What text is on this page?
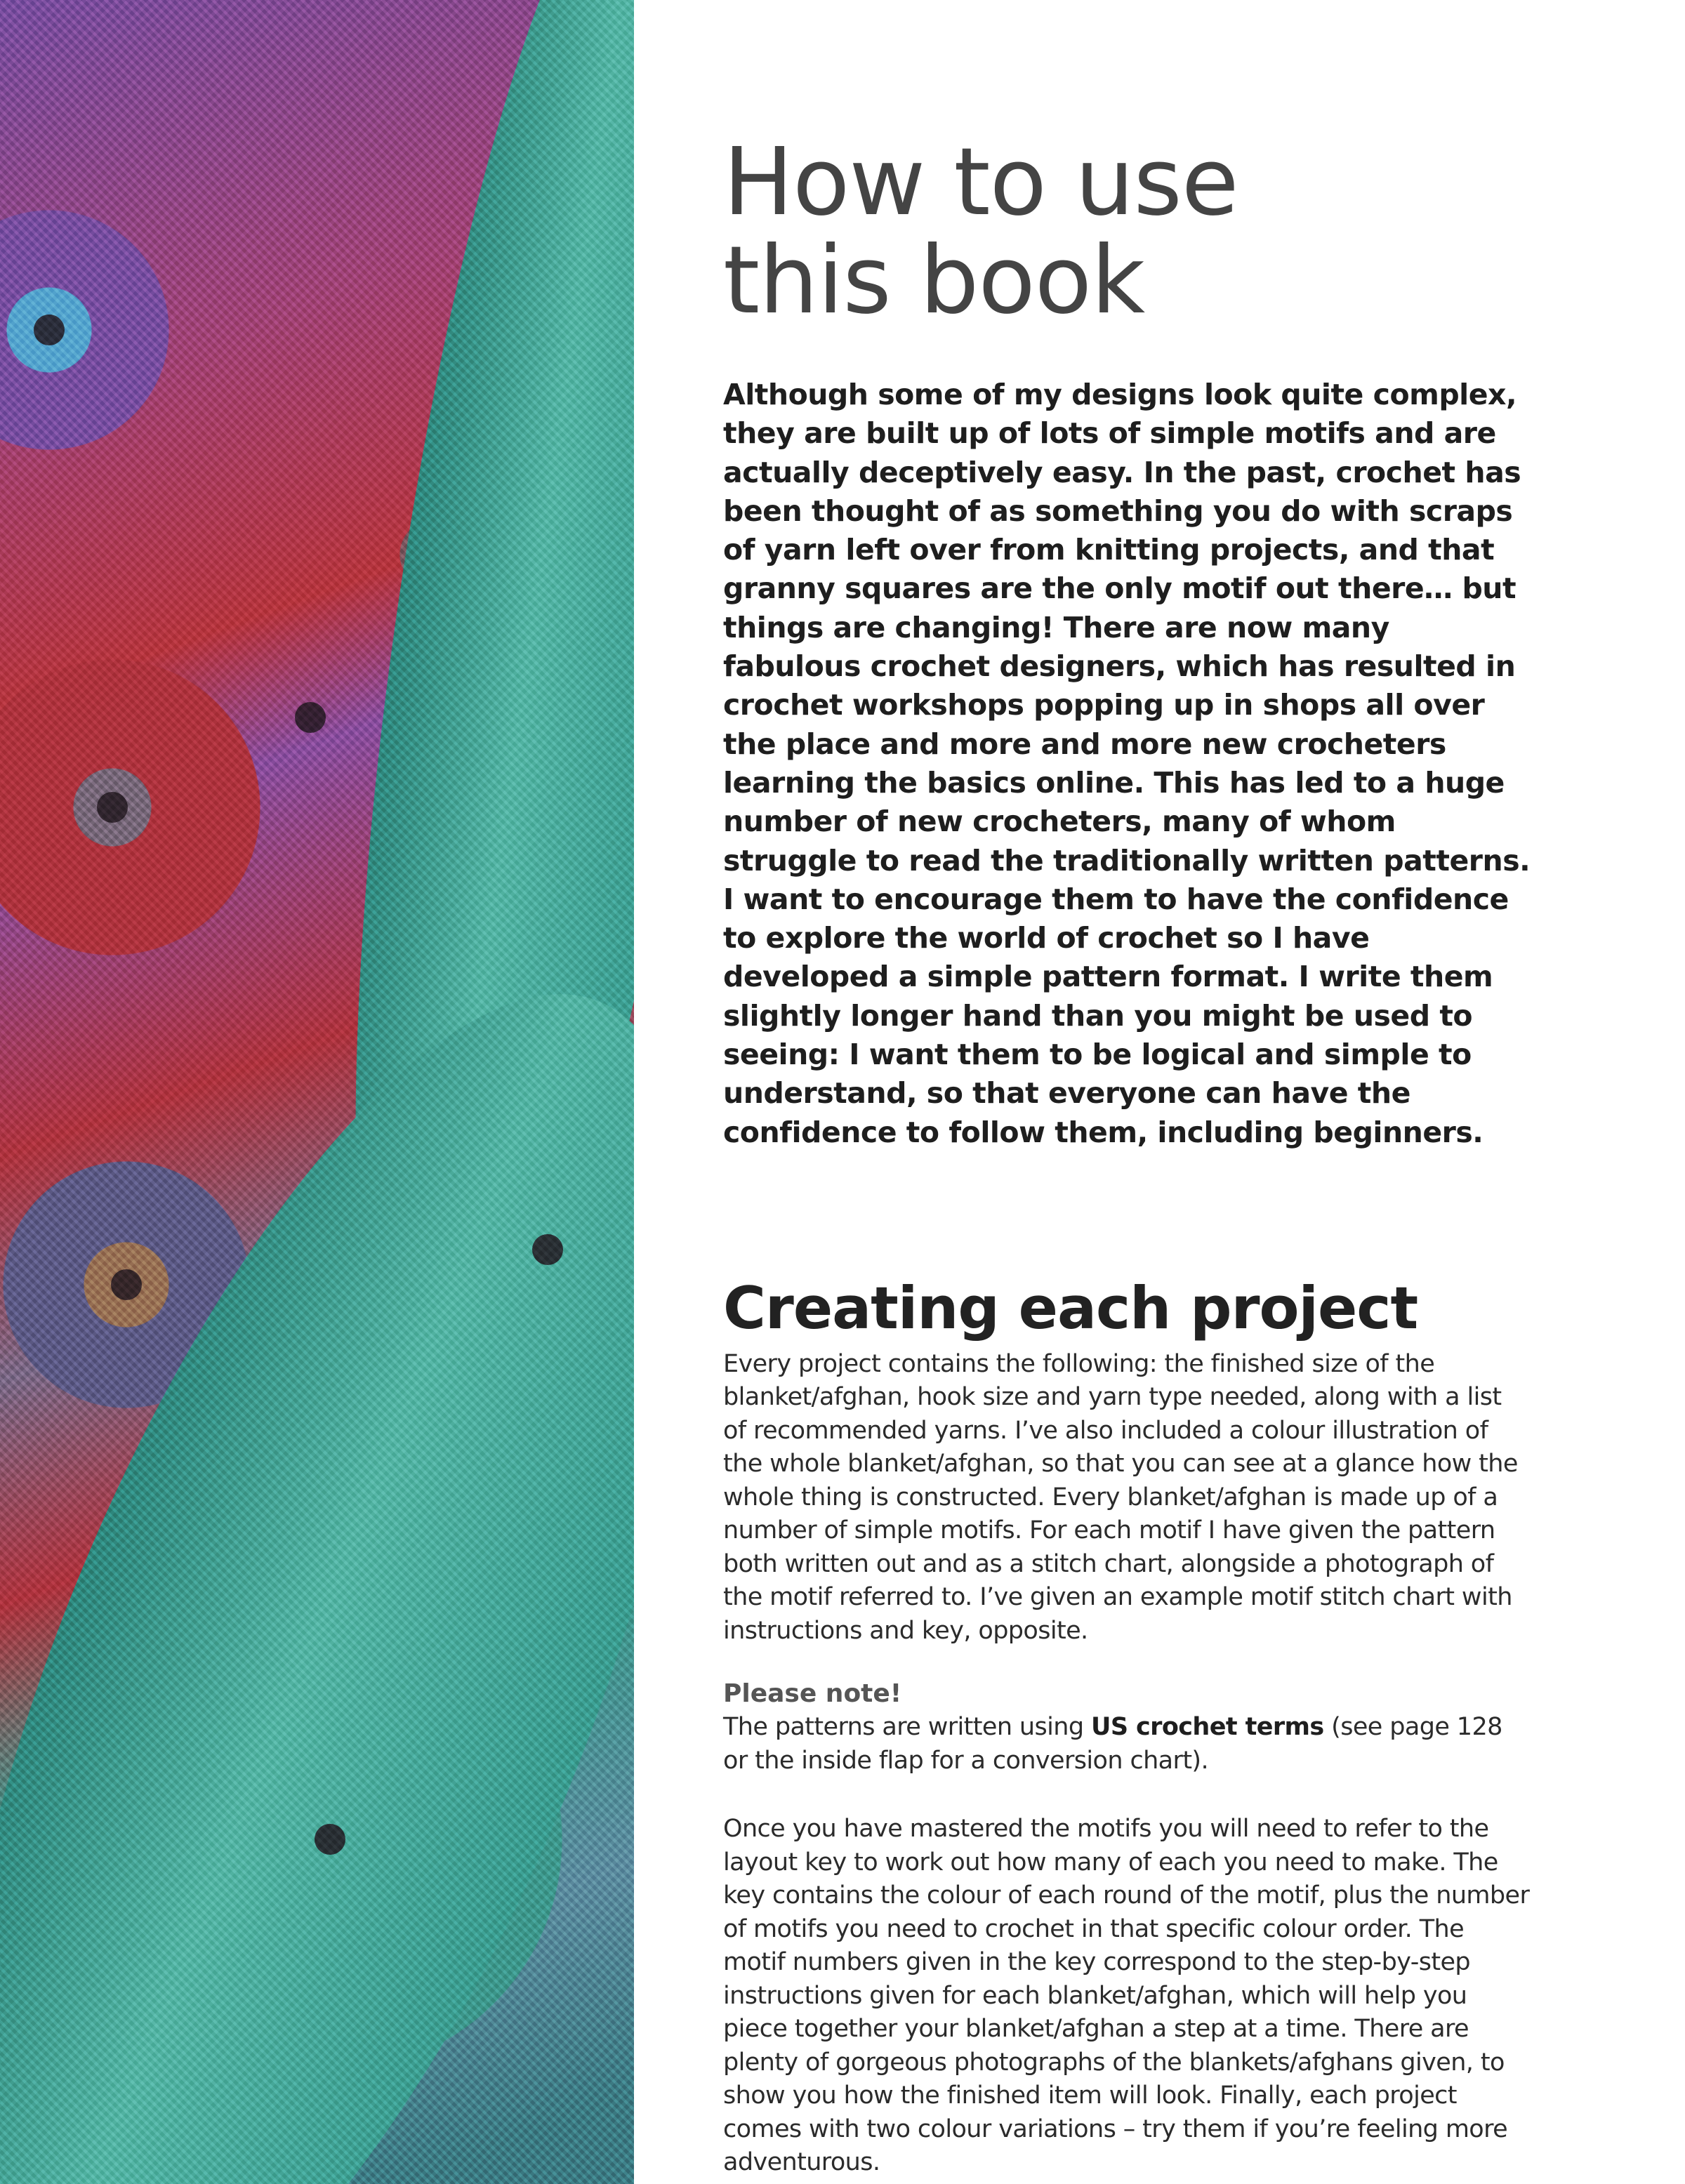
How to use
this book

Although some of my designs look quite complex, they are built up of lots of simple motifs and are actually deceptively easy. In the past, crochet has been thought of as something you do with scraps of yarn left over from knitting projects, and that granny squares are the only motif out there… but things are changing! There are now many fabulous crochet designers, which has resulted in crochet workshops popping up in shops all over the place and more and more new crocheters learning the basics online. This has led to a huge number of new crocheters, many of whom struggle to read the traditionally written patterns. I want to encourage them to have the confidence to explore the world of crochet so I have developed a simple pattern format. I write them slightly longer hand than you might be used to seeing: I want them to be logical and simple to understand, so that everyone can have the confidence to follow them, including beginners.

Creating each project

Every project contains the following: the finished size of the blanket/afghan, hook size and yarn type needed, along with a list of recommended yarns. I’ve also included a colour illustration of the whole blanket/afghan, so that you can see at a glance how the whole thing is constructed. Every blanket/afghan is made up of a number of simple motifs. For each motif I have given the pattern both written out and as a stitch chart, alongside a photograph of the motif referred to. I’ve given an example motif stitch chart with instructions and key, opposite.

Please note!

The patterns are written using US crochet terms (see page 128 or the inside flap for a conversion chart).

Once you have mastered the motifs you will need to refer to the layout key to work out how many of each you need to make. The key contains the colour of each round of the motif, plus the number of motifs you need to crochet in that specific colour order. The motif numbers given in the key correspond to the step-by-step instructions given for each blanket/afghan, which will help you piece together your blanket/afghan a step at a time. There are plenty of gorgeous photographs of the blankets/afghans given, to show you how the finished item will look. Finally, each project comes with two colour variations – try them if you’re feeling more adventurous.
